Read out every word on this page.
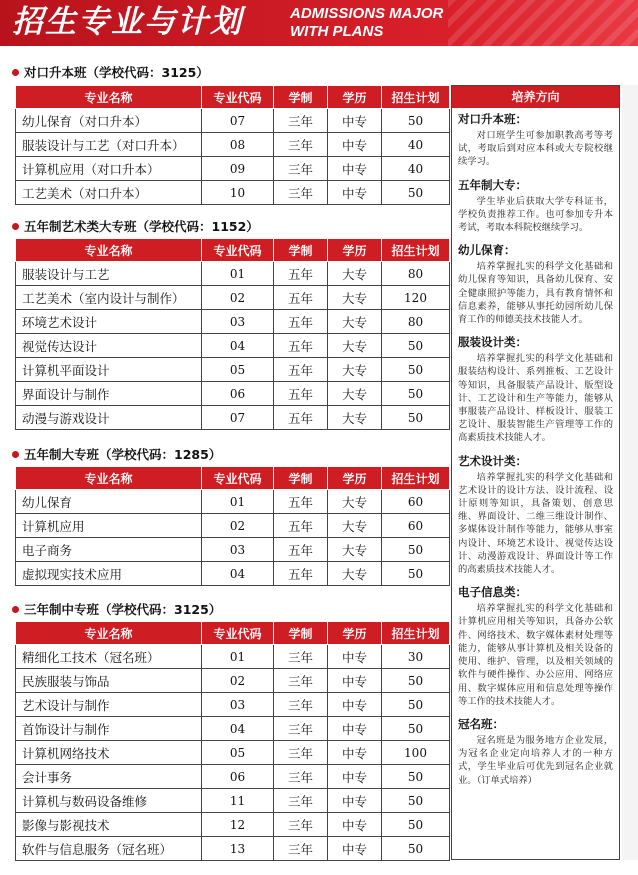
招生专业与计划	ADMISSIONS MAJOR
WITH PLANS
对口升本班（学校代码：3125）
专业名称	专业代码	学制	学历	招生计划
幼儿保育（对口升本）	07	三年	中专	50
服装设计与工艺（对口升本）	08	三年	中专	40
计算机应用（对口升本）	09	三年	中专	40
工艺美术（对口升本）	10	三年	中专	50
五年制艺术类大专班（学校代码：1152）
专业名称	专业代码	学制	学历	招生计划
服装设计与工艺	01	五年	大专	80
工艺美术（室内设计与制作）	02	五年	大专	120
环境艺术设计	03	五年	大专	80
视觉传达设计	04	五年	大专	50
计算机平面设计	05	五年	大专	50
界面设计与制作	06	五年	大专	50
动漫与游戏设计	07	五年	大专	50
五年制大专班（学校代码：1285）
专业名称	专业代码	学制	学历	招生计划
幼儿保育	01	五年	大专	60
计算机应用	02	五年	大专	60
电子商务	03	五年	大专	50
虚拟现实技术应用	04	五年	大专	50
三年制中专班（学校代码：3125）
专业名称	专业代码	学制	学历	招生计划
精细化工技术（冠名班）	01	三年	中专	30
民族服装与饰品	02	三年	中专	50
艺术设计与制作	03	三年	中专	50
首饰设计与制作	04	三年	中专	50
计算机网络技术	05	三年	中专	100
会计事务	06	三年	中专	50
计算机与数码设备维修	11	三年	中专	50
影像与影视技术	12	三年	中专	50
软件与信息服务（冠名班）	13	三年	中专	50
培养方向
对口升本班：
对口班学生可参加职教高考等考试，考取后到对应本科或大专院校继续学习。
五年制大专：
学生毕业后获取大学专科证书，学校负责推荐工作。也可参加专升本考试，考取本科院校继续学习。
幼儿保育：
培养掌握扎实的科学文化基础和幼儿保育等知识，具备幼儿保育、安全健康照护等能力，具有教育情怀和信息素养，能够从事托幼园所幼儿保育工作的师德美技术技能人才。
服装设计类：
培养掌握扎实的科学文化基础和服装结构设计、系列推板、工艺设计等知识，具备服装产品设计、版型设计、工艺设计和生产等能力，能够从事服装产品设计、样板设计、服装工艺设计、服装智能生产管理等工作的高素质技术技能人才。
艺术设计类：
培养掌握扎实的科学文化基础和艺术设计的设计方法、设计流程、设计原则等知识，具备策划、创意思维、界面设计、二维三维设计制作、多媒体设计制作等能力，能够从事室内设计、环境艺术设计、视觉传达设计、动漫游戏设计、界面设计等工作的高素质技术技能人才。
电子信息类：
培养掌握扎实的科学文化基础和计算机应用相关等知识，具备办公软件、网络技术、数字媒体素材处理等能力，能够从事计算机及相关设备的使用、维护、管理，以及相关领域的软件与硬件操作、办公应用、网络应用、数字媒体应用和信息处理等操作等工作的技术技能人才。
冠名班：
冠名班是为服务地方企业发展，为冠名企业定向培养人才的一种方式，学生毕业后可优先到冠名企业就业。（订单式培养）
